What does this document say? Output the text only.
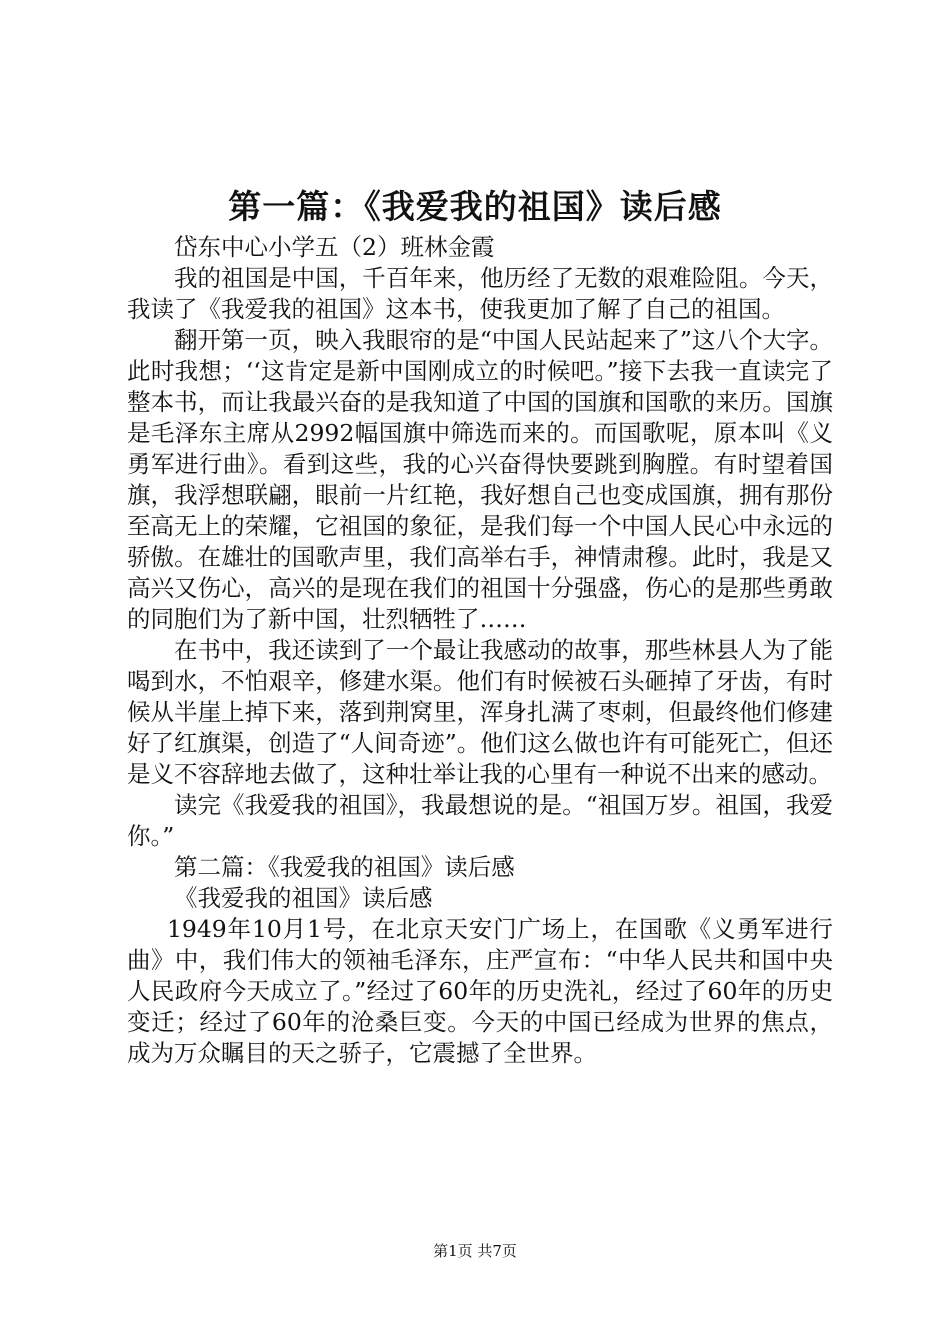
第一篇：《我爱我的祖国》读后感

岱东中心小学五（2）班林金霞

我的祖国是中国，千百年来，他历经了无数的艰难险阻。今天，我读了《我爱我的祖国》这本书，使我更加了解了自己的祖国。

翻开第一页，映入我眼帘的是“中国人民站起来了”这八个大字。此时我想；‘‘这肯定是新中国刚成立的时候吧。”接下去我一直读完了整本书，而让我最兴奋的是我知道了中国的国旗和国歌的来历。国旗是毛泽东主席从2992幅国旗中筛选而来的。而国歌呢，原本叫《义勇军进行曲》。看到这些，我的心兴奋得快要跳到胸膛。有时望着国旗，我浮想联翩，眼前一片红艳，我好想自己也变成国旗，拥有那份至高无上的荣耀，它祖国的象征，是我们每一个中国人民心中永远的骄傲。在雄壮的国歌声里，我们高举右手，神情肃穆。此时，我是又高兴又伤心，高兴的是现在我们的祖国十分强盛，伤心的是那些勇敢的同胞们为了新中国，壮烈牺牲了……

在书中，我还读到了一个最让我感动的故事，那些林县人为了能喝到水，不怕艰辛，修建水渠。他们有时候被石头砸掉了牙齿，有时候从半崖上掉下来，落到荆窝里，浑身扎满了枣刺，但最终他们修建好了红旗渠，创造了“人间奇迹”。他们这么做也许有可能死亡，但还是义不容辞地去做了，这种壮举让我的心里有一种说不出来的感动。

读完《我爱我的祖国》，我最想说的是。“祖国万岁。祖国，我爱你。”

第二篇：《我爱我的祖国》读后感

《我爱我的祖国》读后感

1949年10月1号，在北京天安门广场上，在国歌《义勇军进行曲》中，我们伟大的领袖毛泽东，庄严宣布：“中华人民共和国中央人民政府今天成立了。”经过了60年的历史洗礼，经过了60年的历史变迁；经过了60年的沧桑巨变。今天的中国已经成为世界的焦点，成为万众瞩目的天之骄子，它震撼了全世界。

第1页 共7页
